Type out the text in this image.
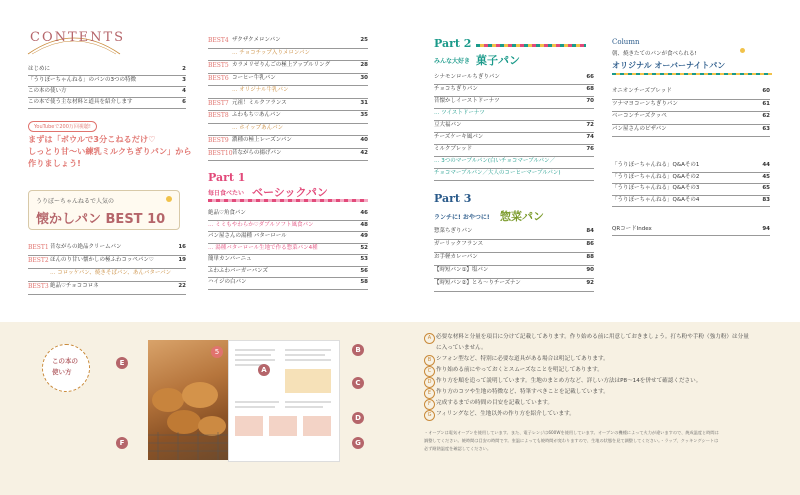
CONTENTS
はじめに	2
「うりぼーちゃんねる」のパンの3つの特徴	3
この本の使い方	4
この本で使う主な材料と道具を紹介します	6
YouTubeで200万回視聴!
まずは「ボウルで3分こねるだけ♡
しっとり甘〜い練乳ミルクちぎりパン」から
作りましょう!
うりぼーちゃんねるで人気の
懐かしパン BEST 10
BEST1 昔ながらの絶品クリームパン	16
BEST2 ほんのり甘い懐かしの極ふわコッペパン♡	19
… コロッケパン、焼きそばパン、あんバターパン
BEST3 絶品♡チョココロネ	22
BEST4 ザクザクメロンパン	25
… チョコチップ入りメロンパン
BEST5 カラメリゼりんごの極上アップルリング	28
BEST6 コーヒー牛乳パン	30
… オリジナル牛乳パン
BEST7 元祖！ミルクフランス	31
BEST8 ふわもち♡あんパン	35
… ホイップあんパン
BEST9 濃種の極上レーズンパン	40
BEST10 昔ながらの揚げパン	42
Part 1
毎日食べたい ベーシックパン
絶品♡角食パン	46
… ミミもやわらか♡ダブルソフト風食パン	48
パン屋さんの湯種 バターロール	49
… 湯種バターロール生地で作る惣菜パン4種	52
簡単カンパーニュ	53
ふわふわバーガーバンズ	56
ハイジの白パン	58
Part 2
みんな大好き 菓子パン
シナモンロールちぎりパン	66
チョコちぎりパン	68
昔懐かしイーストドーナツ	70
… ツイストドーナツ
豆大福パン	72
チーズケーキ風パン	74
ミルクブレッド	76
… 3つのマーブルパン(白いチョコマーブルパン／
チョコマーブルパン／大人のコーヒーマーブルパン)
Part 3
ランチに! おやつに! 惣菜パン
惣菜ちぎりパン	84
ガーリックフランス	86
お手軽カレーパン	88
【時短パン①】塩パン	90
【時短パン②】とろ〜りチーズナン	92
Column
朝、焼きたてのパンが食べられる!
オリジナル オーバーナイトパン
オニオンチーズブレッド	60
ツナマヨコーンちぎりパン	61
ベーコンチーズクッペ	62
パン屋さんのピザパン	63
「うりぼーちゃんねる」Q&Aその1	44
「うりぼーちゃんねる」Q&Aその2	45
「うりぼーちゃんねる」Q&Aその3	65
「うりぼーちゃんねる」Q&Aその4	83
QRコードIndex	94
この本の
使い方
5
A
B
C
D
E
F	G
A 必要な材料と分量を項目に分けて記載してあります。作り始める前に用意しておきましょう。打ち粉や手粉（強力粉）は分量
に入っていません。
B シフォン型など、特別に必要な道具がある場合は明記してあります。
C 作り始める前にやっておくとスムーズなことを明記してあります。
D 作り方を順を追って説明しています。生地のまとめ方など、詳しい方法はP8〜14を併せて確認ください。
E 作り方のコツや生地の特徴など、特筆すべきことを記載しています。
F 完成するまでの時間の目安を記載しています。
G フィリングなど、生地以外の作り方を紹介しています。
・オーブンは電気オーブンを使用しています。また、電子レンジは600Wを使用しています。オーブンの機種によって火力が違いますので、焼成温度と時間は
調整してください。焼時間は目安の時間です。室温によっても焼時間が変わりますので、生地の状態を見て調整してください。・ラップ、クッキングシートは
必ず耐熱温度を確認してください。
